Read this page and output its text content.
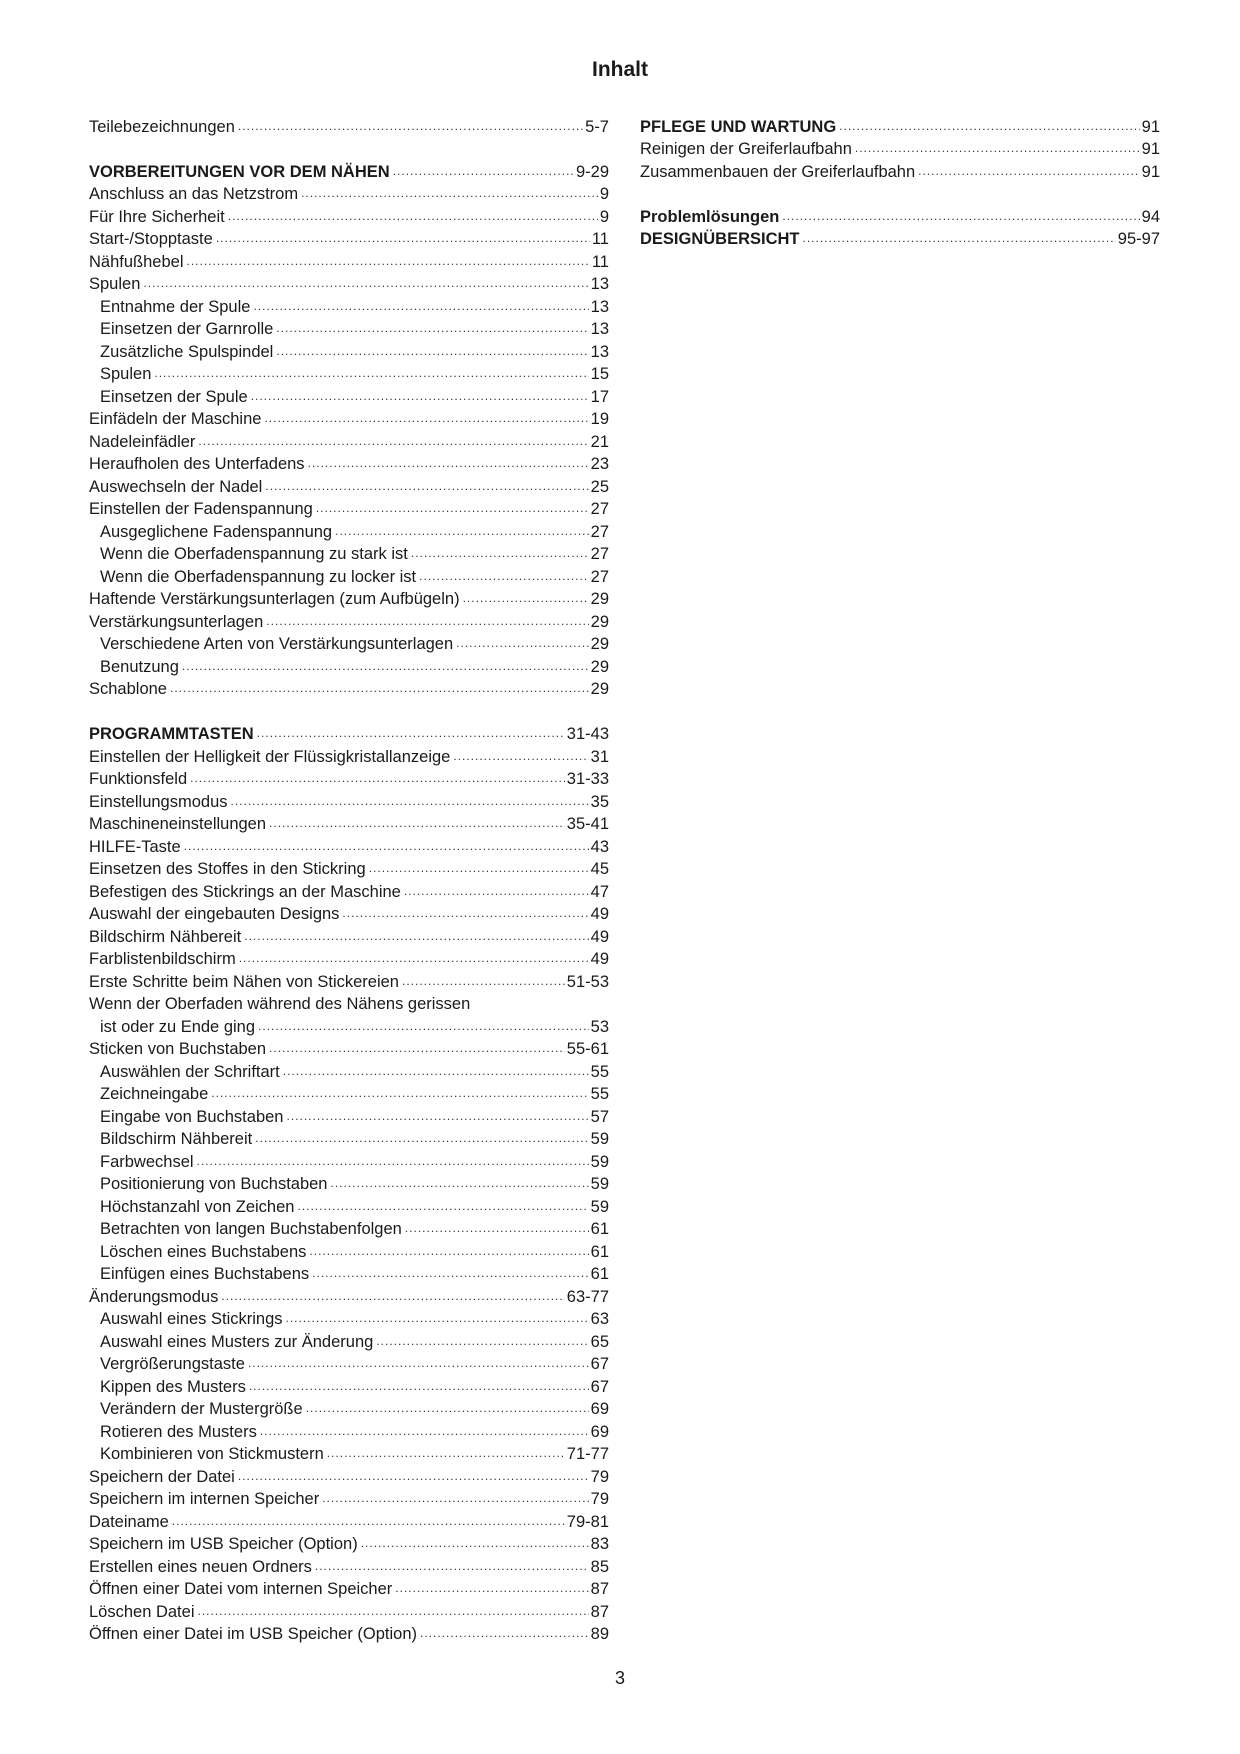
Inhalt
Teilebezeichnungen .....	5-7
VORBEREITUNGEN VOR DEM NÄHEN .....	9-29
Anschluss an das Netzstrom .....	9
Für Ihre Sicherheit .....	9
Start-/Stopptaste .....	11
Nähfußhebel .....	11
Spulen .....	13
Entnahme der Spule .....	13
Einsetzen der Garnrolle .....	13
Zusätzliche Spulspindel .....	13
Spulen .....	15
Einsetzen der Spule .....	17
Einfädeln der Maschine .....	19
Nadeleinfädler .....	21
Heraufholen des Unterfadens .....	23
Auswechseln der Nadel .....	25
Einstellen der Fadenspannung .....	27
Ausgeglichene Fadenspannung .....	27
Wenn die Oberfadenspannung zu stark ist .....	27
Wenn die Oberfadenspannung zu locker ist .....	27
Haftende Verstärkungsunterlagen (zum Aufbügeln) .....	29
Verstärkungsunterlagen .....	29
Verschiedene Arten von Verstärkungsunterlagen .....	29
Benutzung .....	29
Schablone .....	29
PROGRAMMTASTEN .....	31-43
Einstellen der Helligkeit der Flüssigkristallanzeige .....	31
Funktionsfeld .....	31-33
Einstellungsmodus .....	35
Maschineneinstellungen .....	35-41
HILFE-Taste .....	43
Einsetzen des Stoffes in den Stickring .....	45
Befestigen des Stickrings an der Maschine .....	47
Auswahl der eingebauten Designs .....	49
Bildschirm Nähbereit .....	49
Farblistenbildschirm .....	49
Erste Schritte beim Nähen von Stickereien .....	51-53
Wenn der Oberfaden während des Nähens gerissen
ist oder zu Ende ging .....	53
Sticken von Buchstaben .....	55-61
Auswählen der Schriftart .....	55
Zeichneingabe .....	55
Eingabe von Buchstaben .....	57
Bildschirm Nähbereit .....	59
Farbwechsel .....	59
Positionierung von Buchstaben .....	59
Höchstanzahl von Zeichen .....	59
Betrachten von langen Buchstabenfolgen .....	61
Löschen eines Buchstabens .....	61
Einfügen eines Buchstabens .....	61
Änderungsmodus .....	63-77
Auswahl eines Stickrings .....	63
Auswahl eines Musters zur Änderung .....	65
Vergrößerungstaste .....	67
Kippen des Musters .....	67
Verändern der Mustergröße .....	69
Rotieren des Musters .....	69
Kombinieren von Stickmustern .....	71-77
Speichern der Datei .....	79
Speichern im internen Speicher .....	79
Dateiname .....	79-81
Speichern im USB Speicher (Option) .....	83
Erstellen eines neuen Ordners .....	85
Öffnen einer Datei vom internen Speicher .....	87
Löschen Datei .....	87
Öffnen einer Datei im USB Speicher (Option) .....	89
PFLEGE UND WARTUNG .....	91
Reinigen der Greiferlaufbahn .....	91
Zusammenbauen der Greiferlaufbahn .....	91
Problemlösungen .....	94
DESIGNÜBERSICHT .....	95-97
3
